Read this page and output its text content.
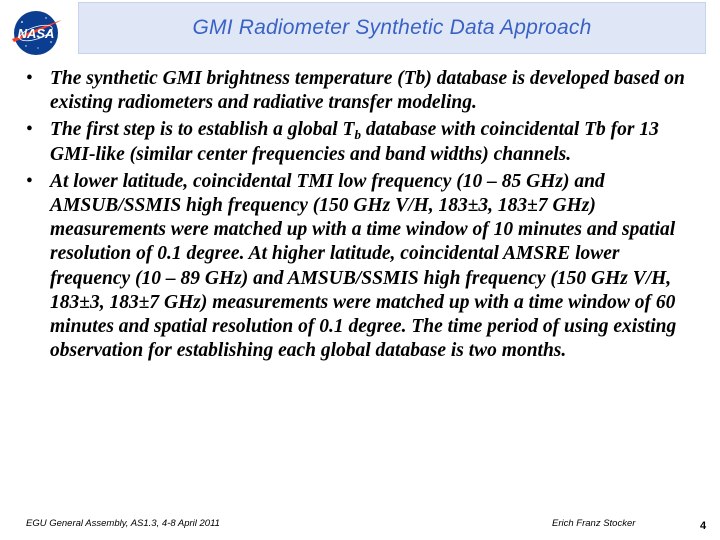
NASA	GMI Radiometer Synthetic Data Approach
• The synthetic GMI brightness temperature (Tb) database is developed based on existing radiometers and radiative transfer modeling.
• The first step is to establish a global $T_b$ database with coincidental Tb for 13 GMI-like (similar center frequencies and band widths) channels.
• At lower latitude, coincidental TMI low frequency (10 – 85 GHz) and AMSUB/SSMIS high frequency (150 GHz V/H, 183±3, 183±7 GHz) measurements were matched up with a time window of 10 minutes and spatial resolution of 0.1 degree. At higher latitude, coincidental AMSRE lower frequency (10 – 89 GHz) and AMSUB/SSMIS high frequency (150 GHz V/H, 183±3, 183±7 GHz) measurements were matched up with a time window of 60 minutes and spatial resolution of 0.1 degree. The time period of using existing observation for establishing each global database is two months.
EGU General Assembly, AS1.3, 4-8 April 2011	Erich Franz Stocker	4
